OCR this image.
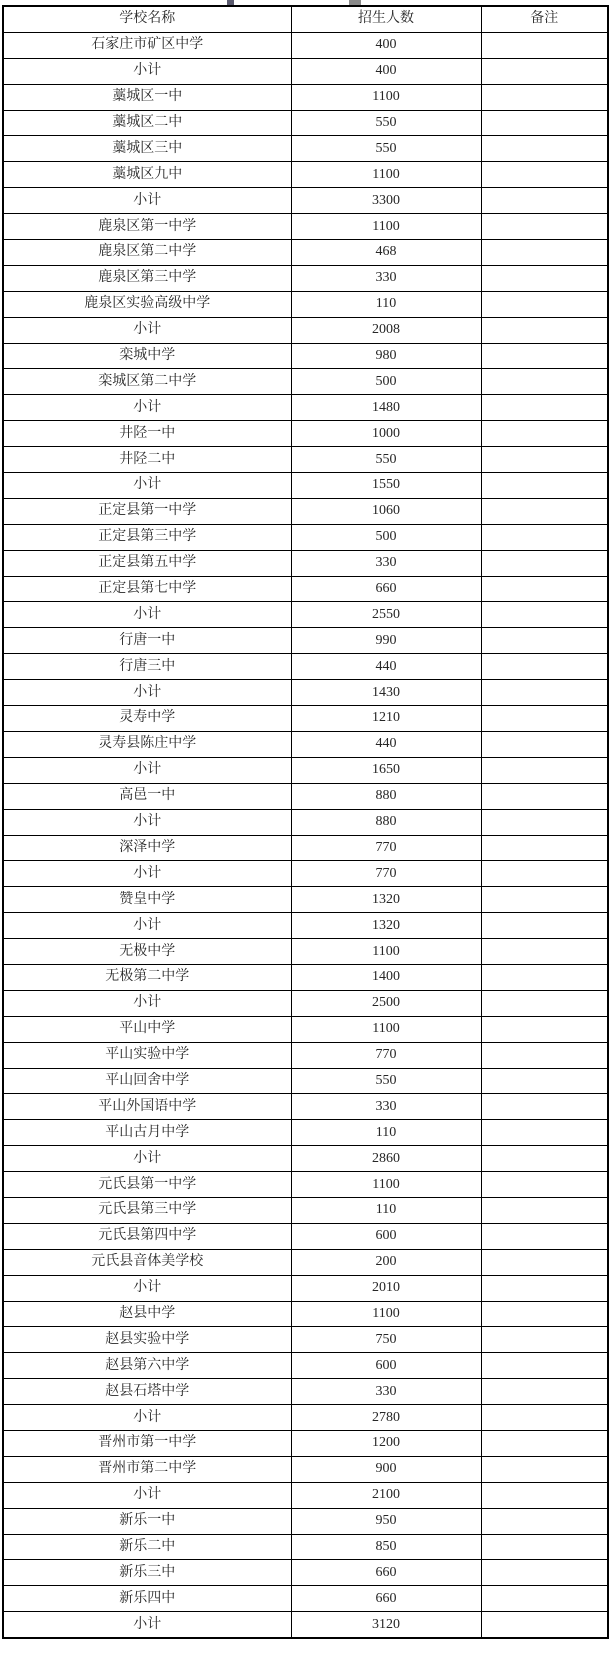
学校名称	招生人数	备注
石家庄市矿区中学	400	
小计	400	
藁城区一中	1100	
藁城区二中	550	
藁城区三中	550	
藁城区九中	1100	
小计	3300	
鹿泉区第一中学	1100	
鹿泉区第二中学	468	
鹿泉区第三中学	330	
鹿泉区实验高级中学	110	
小计	2008	
栾城中学	980	
栾城区第二中学	500	
小计	1480	
井陉一中	1000	
井陉二中	550	
小计	1550	
正定县第一中学	1060	
正定县第三中学	500	
正定县第五中学	330	
正定县第七中学	660	
小计	2550	
行唐一中	990	
行唐三中	440	
小计	1430	
灵寿中学	1210	
灵寿县陈庄中学	440	
小计	1650	
高邑一中	880	
小计	880	
深泽中学	770	
小计	770	
赞皇中学	1320	
小计	1320	
无极中学	1100	
无极第二中学	1400	
小计	2500	
平山中学	1100	
平山实验中学	770	
平山回舍中学	550	
平山外国语中学	330	
平山古月中学	110	
小计	2860	
元氏县第一中学	1100	
元氏县第三中学	110	
元氏县第四中学	600	
元氏县音体美学校	200	
小计	2010	
赵县中学	1100	
赵县实验中学	750	
赵县第六中学	600	
赵县石塔中学	330	
小计	2780	
晋州市第一中学	1200	
晋州市第二中学	900	
小计	2100	
新乐一中	950	
新乐二中	850	
新乐三中	660	
新乐四中	660	
小计	3120	
